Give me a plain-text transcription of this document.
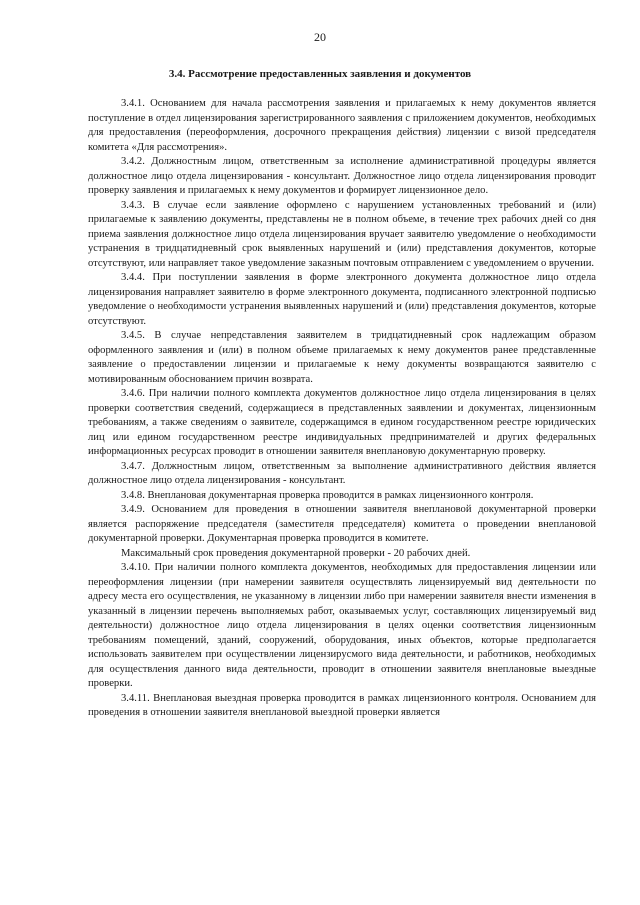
20
3.4. Рассмотрение предоставленных заявления и документов

3.4.1. Основанием для начала рассмотрения заявления и прилагаемых к нему документов является поступление в отдел лицензирования зарегистрированного заявления с приложением документов, необходимых для предоставления (переоформления, досрочного прекращения действия) лицензии с визой председателя комитета «Для рассмотрения».

3.4.2. Должностным лицом, ответственным за исполнение административной процедуры является должностное лицо отдела лицензирования - консультант. Должностное лицо отдела лицензирования проводит проверку заявления и прилагаемых к нему документов и формирует лицензионное дело.

3.4.3. В случае если заявление оформлено с нарушением установленных требований и (или) прилагаемые к заявлению документы, представлены не в полном объеме, в течение трех рабочих дней со дня приема заявления должностное лицо отдела лицензирования вручает заявителю уведомление о необходимости устранения в тридцатидневный срок выявленных нарушений и (или) представления документов, которые отсутствуют, или направляет такое уведомление заказным почтовым отправлением с уведомлением о вручении.

3.4.4. При поступлении заявления в форме электронного документа должностное лицо отдела лицензирования направляет заявителю в форме электронного документа, подписанного электронной подписью уведомление о необходимости устранения выявленных нарушений и (или) представления документов, которые отсутствуют.

3.4.5. В случае непредставления заявителем в тридцатидневный срок надлежащим образом оформленного заявления и (или) в полном объеме прилагаемых к нему документов ранее представленные заявление о предоставлении лицензии и прилагаемые к нему документы возвращаются заявителю с мотивированным обоснованием причин возврата.

3.4.6. При наличии полного комплекта документов должностное лицо отдела лицензирования в целях проверки соответствия сведений, содержащиеся в представленных заявлении и документах, лицензионным требованиям, а также сведениям о заявителе, содержащимся в едином государственном реестре юридических лиц или едином государственном реестре индивидуальных предпринимателей и других федеральных информационных ресурсах проводит в отношении заявителя внеплановую документарную проверку.

3.4.7. Должностным лицом, ответственным за выполнение административного действия является должностное лицо отдела лицензирования - консультант.

3.4.8. Внеплановая документарная проверка проводится в рамках лицензионного контроля.

3.4.9. Основанием для проведения в отношении заявителя внеплановой документарной проверки является распоряжение председателя (заместителя председателя) комитета о проведении внеплановой документарной проверки. Документарная проверка проводится в комитете.

Максимальный срок проведения документарной проверки - 20 рабочих дней.

3.4.10. При наличии полного комплекта документов, необходимых для предоставления лицензии или переоформления лицензии (при намерении заявителя осуществлять лицензируемый вид деятельности по адресу места его осуществления, не указанному в лицензии либо при намерении заявителя внести изменения в указанный в лицензии перечень выполняемых работ, оказываемых услуг, составляющих лицензируемый вид деятельности) должностное лицо отдела лицензирования в целях оценки соответствия лицензионным требованиям помещений, зданий, сооружений, оборудования, иных объектов, которые предполагается использовать заявителем при осуществлении лицензирусмого вида деятельности, и работников, необходимых для осуществления данного вида деятельности, проводит в отношении заявителя внеплановые выездные проверки.

3.4.11. Внеплановая выездная проверка проводится в рамках лицензионного контроля. Основанием для проведения в отношении заявителя внеплановой выездной проверки является
